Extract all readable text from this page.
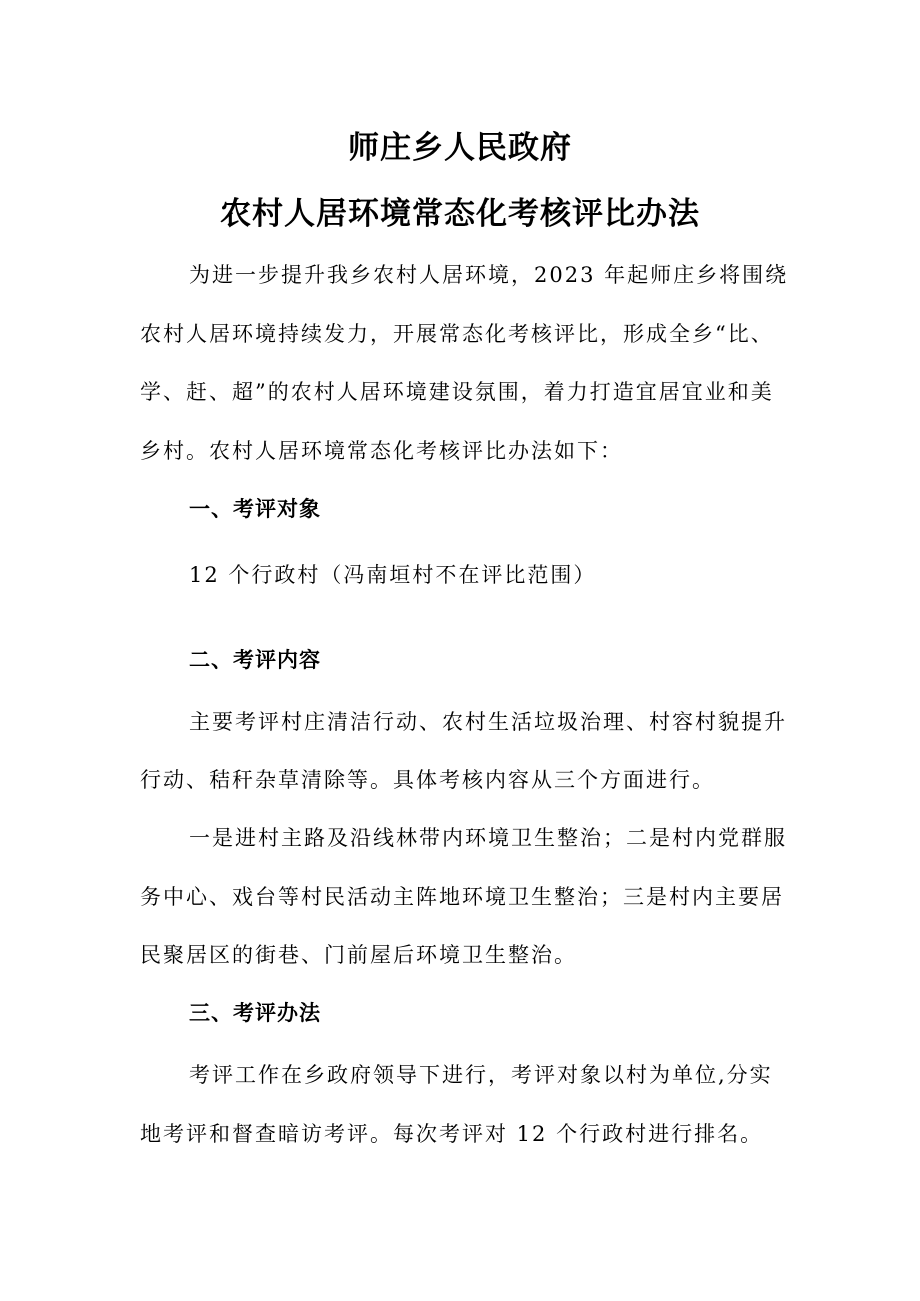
师庄乡人民政府
农村人居环境常态化考核评比办法
为进一步提升我乡农村人居环境，2023 年起师庄乡将围绕
农村人居环境持续发力，开展常态化考核评比，形成全乡“比、
学、赶、超”的农村人居环境建设氛围，着力打造宜居宜业和美
乡村。农村人居环境常态化考核评比办法如下：
一、考评对象
12 个行政村（冯南垣村不在评比范围）
二、考评内容
主要考评村庄清洁行动、农村生活垃圾治理、村容村貌提升
行动、秸秆杂草清除等。具体考核内容从三个方面进行。
一是进村主路及沿线林带内环境卫生整治；二是村内党群服
务中心、戏台等村民活动主阵地环境卫生整治；三是村内主要居
民聚居区的街巷、门前屋后环境卫生整治。
三、考评办法
考评工作在乡政府领导下进行，考评对象以村为单位,分实
地考评和督查暗访考评。每次考评对 12 个行政村进行排名。
